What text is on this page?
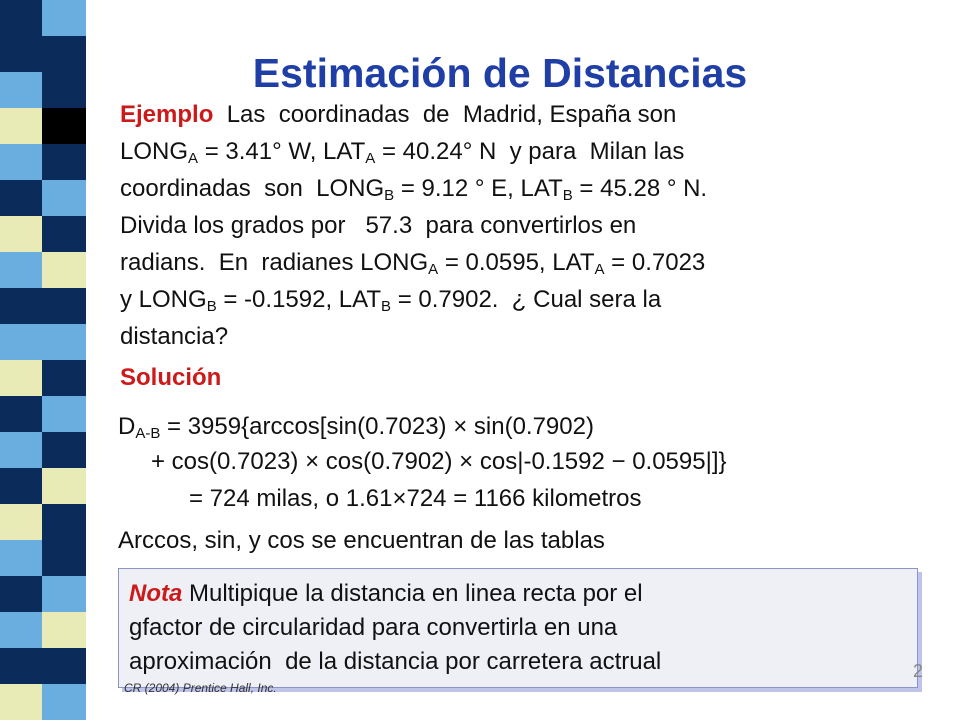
Estimación de Distancias
Ejemplo  Las  coordinadas  de  Madrid, España son
$LONG_A = 3.41^\circ$ W, $LAT_A = 40.24^\circ$ N  y para  Milan las
coordinadas  son  $LONG_B = 9.12$ ° E, $LAT_B = 45.28$ ° N.
Divida los grados por   57.3  para convertirlos en
radians.  En  radianes $LONG_A = 0.0595$, $LAT_A = 0.7023$
y $LONG_B = -0.1592$, $LAT_B = 0.7902$.  ¿ Cual sera la
distancia?
Solución
$D_{A-B} = 3959\{\arccos[\sin(0.7023) \times \sin(0.7902)$
+ cos(0.7023) × cos(0.7902) × cos|-0.1592 − 0.0595|]}
= 724 milas, o 1.61×724 = 1166 kilometros
Arccos, sin, y cos se encuentran de las tablas
Nota Multipique la distancia en linea recta por el
gfactor de circularidad para convertirla en una
aproximación  de la distancia por carretera actrual
CR (2004) Prentice Hall, Inc.
2
